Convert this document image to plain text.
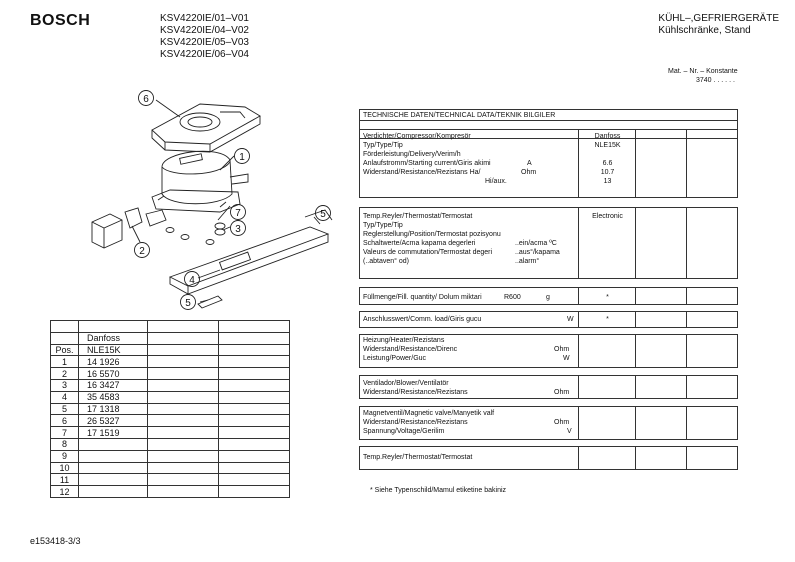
BOSCH	KSV4220IE/01–V01
KSV4220IE/04–V02
KSV4220IE/05–V03
KSV4220IE/06–V04
KÜHL–,GEFRIERGERÄTE
Kühlschränke, Stand
Mat. – Nr. – Konstante
3740 . . . . . .
6
1
7
3
2
5
4
5

	Danfoss		
Pos.	NLE15K		
1	14 1926		
2	16 5570		
3	16 3427		
4	35 4583		
5	17 1318		
6	26 5327		
7	17 1519		
8			
9			
10			
11			
12			
TECHNISCHE DATEN/TECHNICAL DATA/TEKNIK BILGILER
Verdichter/Compressor/Kompresör	Danfoss
Typ/Type/Tip	NLE15K
Förderleistung/Delivery/Verim/h
Anlaufstromm/Starting current/Giris akimi	A	6.6
Widerstand/Resistance/Rezistans Ha/	Ohm	10.7
Hi/aux.	13
Temp.Reyler/Thermostat/Termostat	Electronic
Typ/Type/Tip
Reglerstellung/Position/Termostat pozisyonu
Schaltwerte/Acma kapama degerleri	..ein/acma ºC
Valeurs de commutation/Termostat degeri	..aus°/kapama
(..abtaven° od)	..alarm°
Füllmenge/Fill. quantity/ Dolum miktari	R600	g	*
Anschlusswert/Comm. load/Giris gucu	W	*
Heizung/Heater/Rezistans
Widerstand/Resistance/Direnc	Ohm
Leistung/Power/Guc	W
Ventilador/Blower/Ventilatör
Widerstand/Resistance/Rezistans	Ohm
Magnetventil/Magnetic valve/Manyetik valf
Widerstand/Resistance/Rezistans	Ohm
Spannung/Voltage/Gerilim	V
Temp.Reyler/Thermostat/Termostat
* Siehe Typenschild/Mamul etiketine bakiniz
e153418-3/3
